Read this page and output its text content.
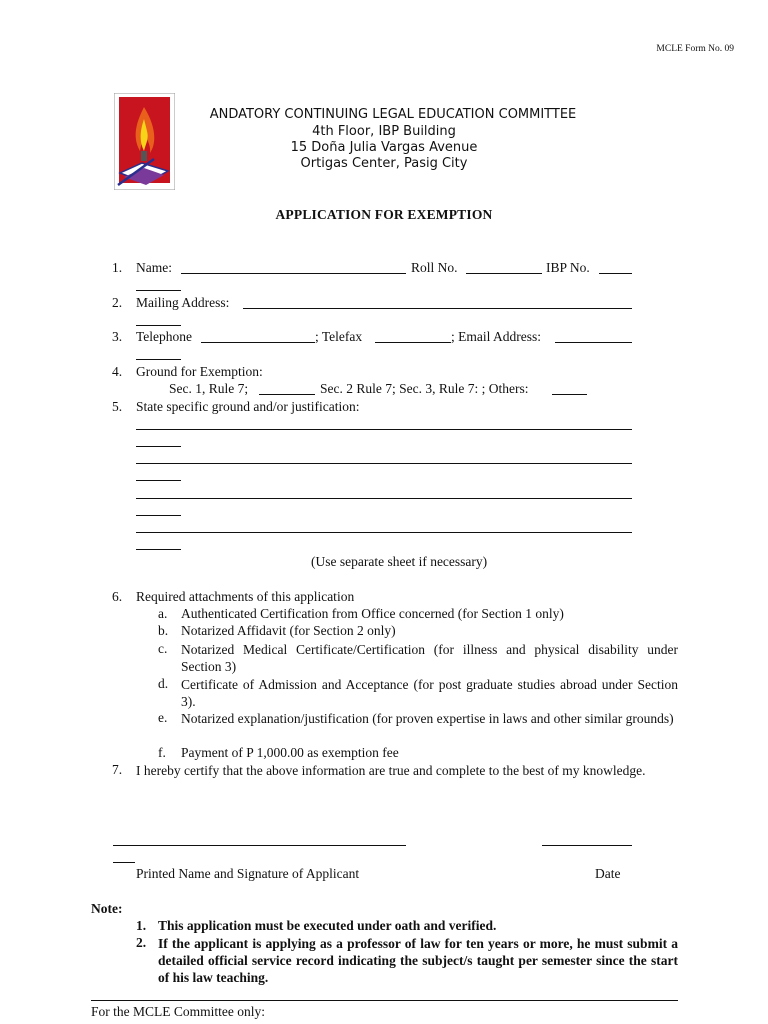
MCLE Form No. 09
ANDATORY CONTINUING LEGAL EDUCATION COMMITTEE
4th Floor, IBP Building
15 Doña Julia Vargas Avenue
Ortigas Center, Pasig City
APPLICATION FOR EXEMPTION
1. Name:	Roll No.	IBP No.
2. Mailing Address:
3. Telephone	; Telefax	; Email Address:
4. Ground for Exemption:
Sec. 1, Rule 7;	Sec. 2 Rule 7; Sec. 3, Rule 7: ; Others:
5. State specific ground and/or justification:
(Use separate sheet if necessary)
6. Required attachments of this application
a. Authenticated Certification from Office concerned (for Section 1 only)
b. Notarized Affidavit (for Section 2 only)
c. Notarized Medical Certificate/Certification (for illness and physical disability under Section 3)
d. Certificate of Admission and Acceptance (for post graduate studies abroad under Section 3).
e. Notarized explanation/justification (for proven expertise in laws and other similar grounds)
f. Payment of P 1,000.00 as exemption fee
7. I hereby certify that the above information are true and complete to the best of my knowledge.
Printed Name and Signature of Applicant	Date
Note:
1. This application must be executed under oath and verified.
2. If the applicant is applying as a professor of law for ten years or more, he must submit a detailed official service record indicating the subject/s taught per semester since the start of his law teaching.
For the MCLE Committee only:
